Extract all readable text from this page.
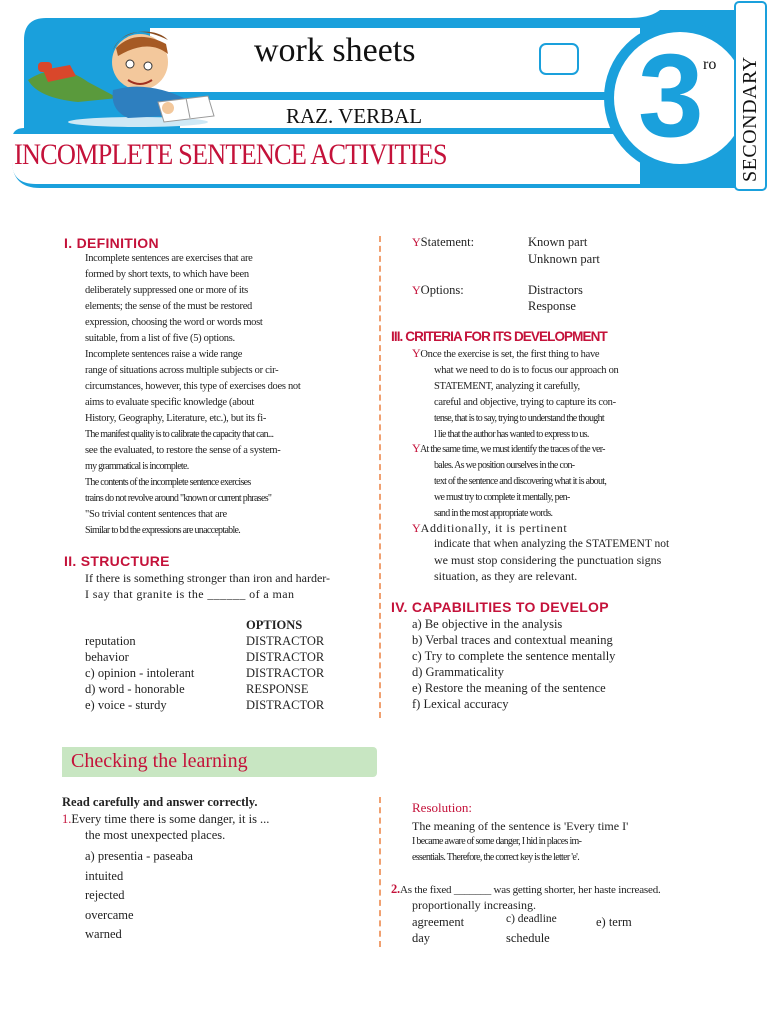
work sheets
RAZ. VERBAL
INCOMPLETE SENTENCE ACTIVITIES 3 ro SECONDARY
I. DEFINITION
Incomplete sentences are exercises that are
formed by short texts, to which have been
deliberately suppressed one or more of its
elements; the sense of the must be restored
expression, choosing the word or words most
suitable, from a list of five (5) options.
Incomplete sentences raise a wide range
range of situations across multiple subjects or cir-
circumstances, however, this type of exercises does not
aims to evaluate specific knowledge (about
History, Geography, Literature, etc.), but its fi-
The manifest quality is to calibrate the capacity that can...
see the evaluated, to restore the sense of a system-
my grammatical is incomplete.
The contents of the incomplete sentence exercises
trains do not revolve around "known or current phrases"
"So trivial content sentences that are
Similar to bd the expressions are unacceptable.
II. STRUCTURE
If there is something stronger than iron and harder-
I say that granite is the ______ of a man
OPTIONS
reputation	DISTRACTOR
behavior	DISTRACTOR
c) opinion - intolerant	DISTRACTOR
d) word - honorable	RESPONSE
e) voice - sturdy	DISTRACTOR
YStatement:	Known part
Unknown part
YOptions:	Distractors
Response
III. CRITERIA FOR ITS DEVELOPMENT
YOnce the exercise is set, the first thing to have
what we need to do is to focus our approach on
STATEMENT, analyzing it carefully,
careful and objective, trying to capture its con-
tense, that is to say, trying to understand the thought
l lie that the author has wanted to express to us.
YAt the same time, we must identify the traces of the ver-
bales. As we position ourselves in the con-
text of the sentence and discovering what it is about,
we must try to complete it mentally, pen-
sand in the most appropriate words.
YAdditionally, it is pertinent
indicate that when analyzing the STATEMENT not
we must stop considering the punctuation signs
situation, as they are relevant.
IV. CAPABILITIES TO DEVELOP
a) Be objective in the analysis
b) Verbal traces and contextual meaning
c) Try to complete the sentence mentally
d) Grammaticality
e) Restore the meaning of the sentence
f) Lexical accuracy
Checking the learning
Read carefully and answer correctly.
1.Every time there is some danger, it is ...
the most unexpected places.
a) presentia - paseaba
intuited
rejected
overcame
warned
Resolution:
The meaning of the sentence is 'Every time I'
I became aware of some danger, I hid in places im-
essentials. Therefore, the correct key is the letter 'e'.
2.As the fixed _______ was getting shorter, her haste increased.
proportionally increasing.
agreement	c) deadline	e) term
day	schedule
